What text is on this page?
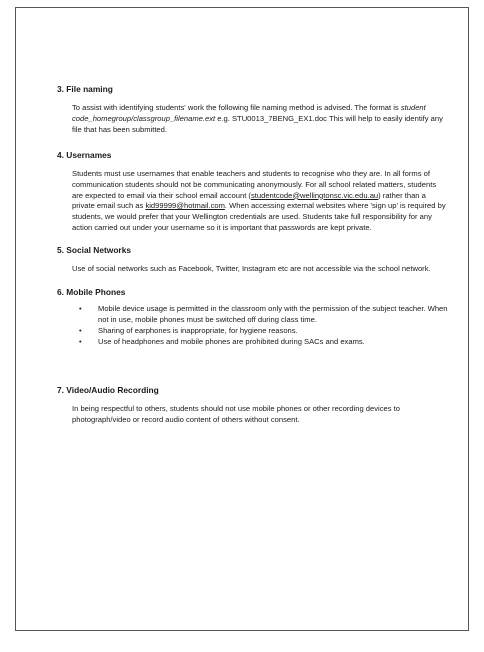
3. File naming

To assist with identifying students' work the following file naming method is advised. The format is student code_homegroup/classgroup_filename.ext e.g. STU0013_7BENG_EX1.doc This will help to easily identify any file that has been submitted.

4. Usernames

Students must use usernames that enable teachers and students to recognise who they are. In all forms of communication students should not be communicating anonymously. For all school related matters, students are expected to email via their school email account (studentcode@wellingtonsc.vic.edu.au) rather than a private email such as kid99999@hotmail.com. When accessing external websites where 'sign up' is required by students, we would prefer that your Wellington credentials are used. Students take full responsibility for any action carried out under your username so it is important that passwords are kept private.

5. Social Networks

Use of social networks such as Facebook, Twitter, Instagram etc are not accessible via the school network.

6. Mobile Phones

• Mobile device usage is permitted in the classroom only with the permission of the subject teacher. When not in use, mobile phones must be switched off during class time.
• Sharing of earphones is inappropriate, for hygiene reasons.
• Use of headphones and mobile phones are prohibited during SACs and exams.

7. Video/Audio Recording

In being respectful to others, students should not use mobile phones or other recording devices to photograph/video or record audio content of others without consent.
